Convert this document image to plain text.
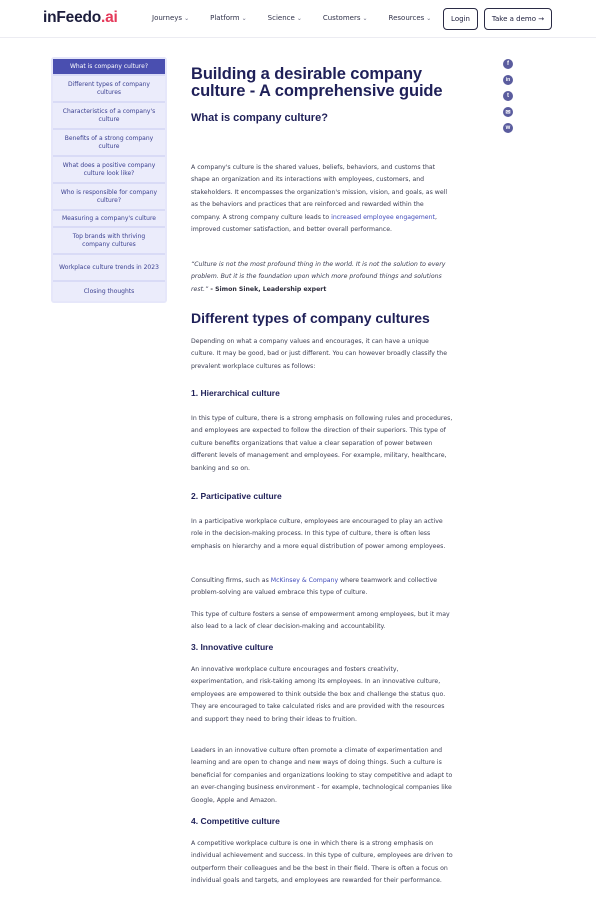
inFeedo.ai	Journeys ⌄	Platform ⌄	Science ⌄	Customers ⌄	Resources ⌄	Login	Take a demo →
What is company culture?
Different types of company cultures
Characteristics of a company's culture
Benefits of a strong company culture
What does a positive company culture look like?
Who is responsible for company culture?
Measuring a company's culture
Top brands with thriving company cultures
Workplace culture trends in 2023
Closing thoughts
f
in
t
✉
w
Building a desirable company culture - A comprehensive guide
What is company culture?
A company's culture is the shared values, beliefs, behaviors, and customs that shape an organization and its interactions with employees, customers, and stakeholders. It encompasses the organization's mission, vision, and goals, as well as the behaviors and practices that are reinforced and rewarded within the company. A strong company culture leads to increased employee engagement, improved customer satisfaction, and better overall performance.
“Culture is not the most profound thing in the world. It is not the solution to every problem. But it is the foundation upon which more profound things and solutions rest.” - Simon Sinek, Leadership expert
Different types of company cultures
Depending on what a company values and encourages, it can have a unique culture. It may be good, bad or just different. You can however broadly classify the prevalent workplace cultures as follows:
1. Hierarchical culture
In this type of culture, there is a strong emphasis on following rules and procedures, and employees are expected to follow the direction of their superiors. This type of culture benefits organizations that value a clear separation of power between different levels of management and employees. For example, military, healthcare, banking and so on.
2. Participative culture
In a participative workplace culture, employees are encouraged to play an active role in the decision-making process. In this type of culture, there is often less emphasis on hierarchy and a more equal distribution of power among employees.
Consulting firms, such as McKinsey & Company where teamwork and collective problem-solving are valued embrace this type of culture.
This type of culture fosters a sense of empowerment among employees, but it may also lead to a lack of clear decision-making and accountability.
3. Innovative culture
An innovative workplace culture encourages and fosters creativity, experimentation, and risk-taking among its employees. In an innovative culture, employees are empowered to think outside the box and challenge the status quo. They are encouraged to take calculated risks and are provided with the resources and support they need to bring their ideas to fruition.
Leaders in an innovative culture often promote a climate of experimentation and learning and are open to change and new ways of doing things. Such a culture is beneficial for companies and organizations looking to stay competitive and adapt to an ever-changing business environment - for example, technological companies like Google, Apple and Amazon.
4. Competitive culture
A competitive workplace culture is one in which there is a strong emphasis on individual achievement and success. In this type of culture, employees are driven to outperform their colleagues and be the best in their field. There is often a focus on individual goals and targets, and employees are rewarded for their performance.
